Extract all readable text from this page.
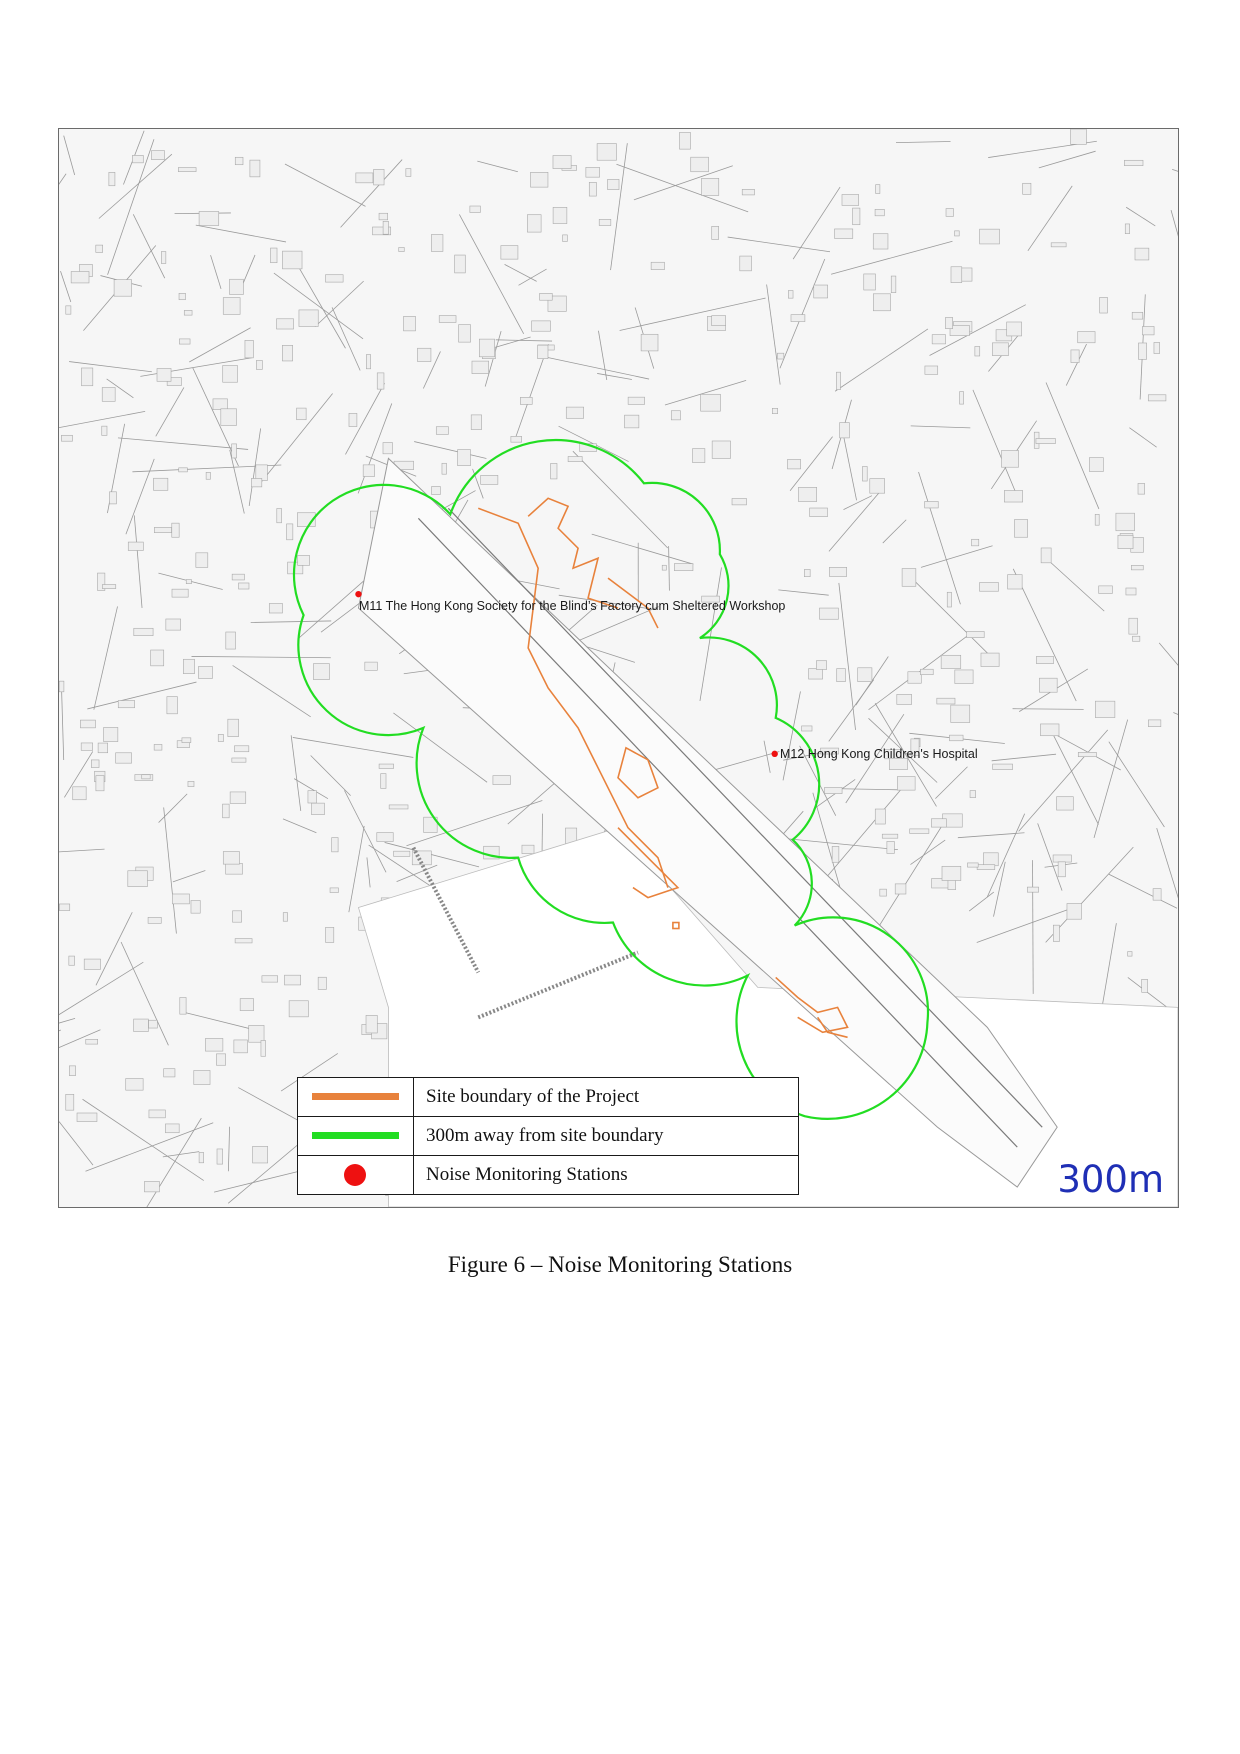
M11 The Hong Kong Society for the Blind’s Factory cum Sheltered Workshop
M12 Hong Kong Children's Hospital
Site boundary of the Project
300m away from site boundary
Noise Monitoring Stations	300m
Figure 6 – Noise Monitoring Stations
